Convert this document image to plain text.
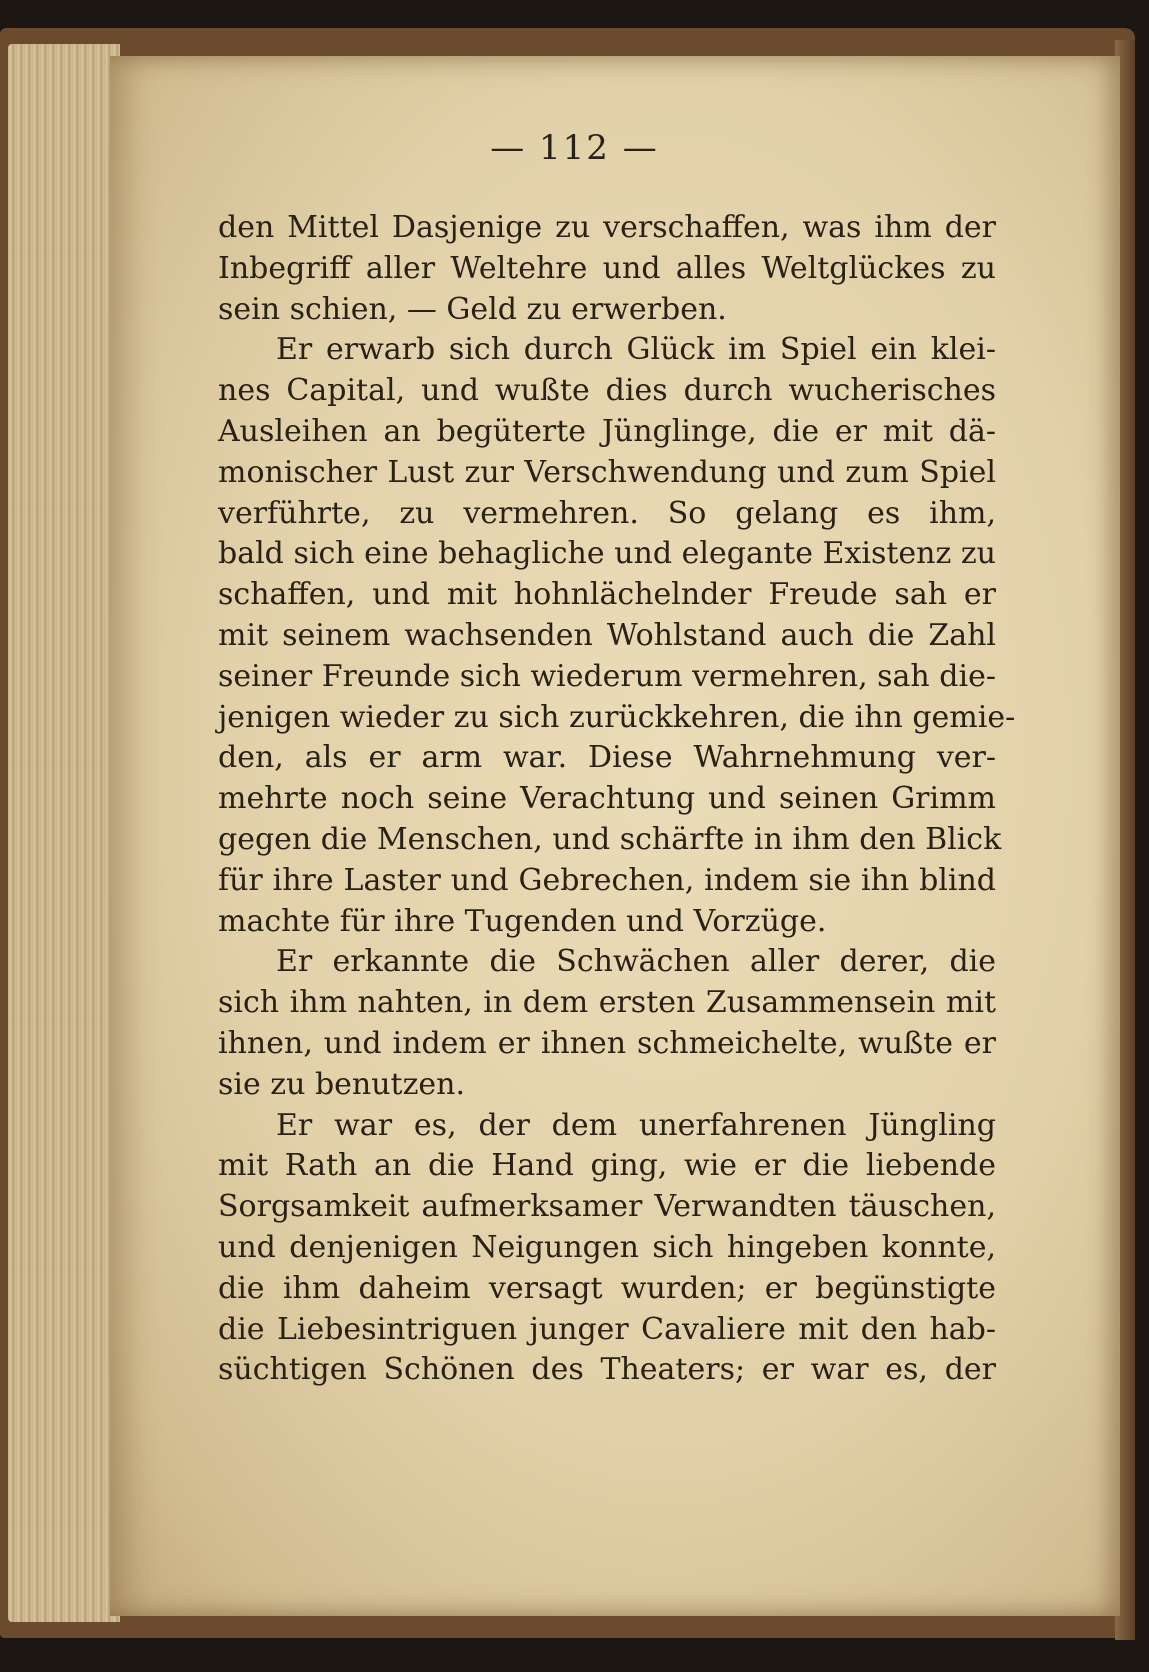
— 112 —
den Mittel Dasjenige zu verschaffen, was ihm der
Inbegriff aller Weltehre und alles Weltglückes zu
sein schien, — Geld zu erwerben.
Er erwarb sich durch Glück im Spiel ein klei-
nes Capital, und wußte dies durch wucherisches
Ausleihen an begüterte Jünglinge, die er mit dä-
monischer Lust zur Verschwendung und zum Spiel
verführte, zu vermehren. So gelang es ihm,
bald sich eine behagliche und elegante Existenz zu
schaffen, und mit hohnlächelnder Freude sah er
mit seinem wachsenden Wohlstand auch die Zahl
seiner Freunde sich wiederum vermehren, sah die-
jenigen wieder zu sich zurückkehren, die ihn gemie-
den, als er arm war. Diese Wahrnehmung ver-
mehrte noch seine Verachtung und seinen Grimm
gegen die Menschen, und schärfte in ihm den Blick
für ihre Laster und Gebrechen, indem sie ihn blind
machte für ihre Tugenden und Vorzüge.
Er erkannte die Schwächen aller derer, die
sich ihm nahten, in dem ersten Zusammensein mit
ihnen, und indem er ihnen schmeichelte, wußte er
sie zu benutzen.
Er war es, der dem unerfahrenen Jüngling
mit Rath an die Hand ging, wie er die liebende
Sorgsamkeit aufmerksamer Verwandten täuschen,
und denjenigen Neigungen sich hingeben konnte,
die ihm daheim versagt wurden; er begünstigte
die Liebesintriguen junger Cavaliere mit den hab-
süchtigen Schönen des Theaters; er war es, der
